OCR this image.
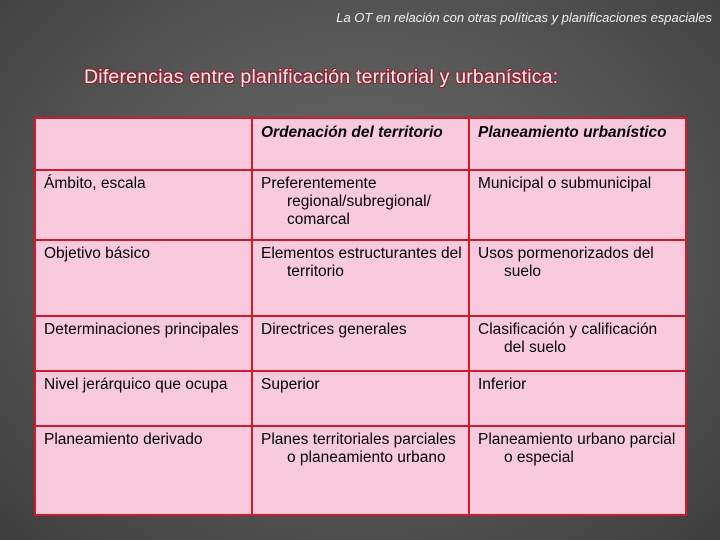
La OT en relación con otras políticas y planificaciones espaciales
Diferencias entre planificación territorial y urbanística:

	Ordenación del territorio	Planeamiento urbanístico

Ámbito, escala	Preferentemente regional/subregional/ comarcal	Municipal o submunicipal

Objetivo básico	Elementos estructurantes del territorio	Usos pormenorizados del suelo

Determinaciones principales	Directrices generales	Clasificación y calificación del suelo

Nivel jerárquico que ocupa	Superior	Inferior

Planeamiento derivado	Planes territoriales parciales o planeamiento urbano	Planeamiento urbano parcial o especial
